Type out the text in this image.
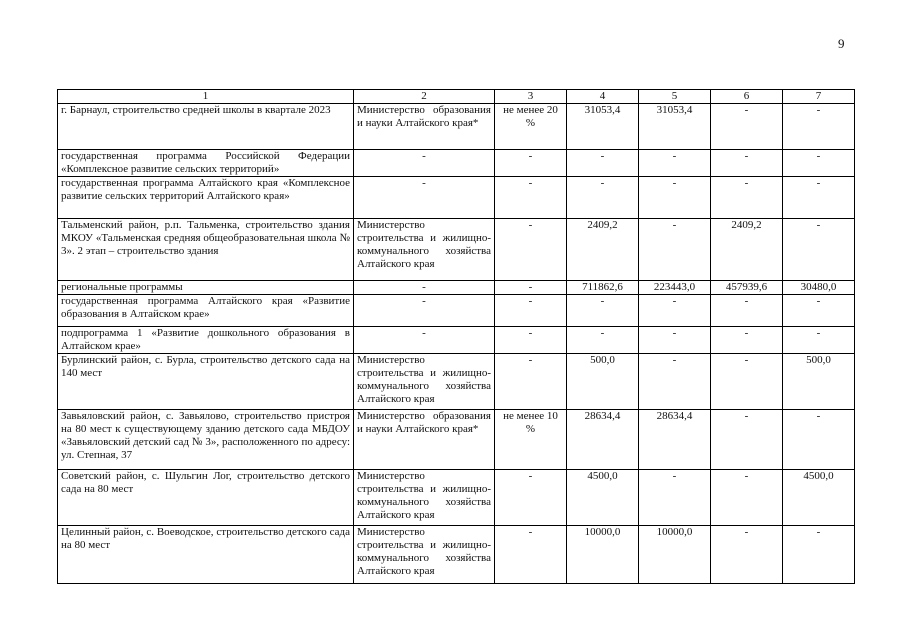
9
1	2	3	4	5	6	7
г. Барнаул, строительство средней школы в квартале 2023	Министерство образования и науки Алтайского края*	не менее 20 %	31053,4	31053,4	-	-
государственная программа Российской Федерации «Комплексное развитие сельских территорий»	-	-	-	-	-	-
государственная программа Алтайского края «Комплексное развитие сельских территорий Алтайского края»	-	-	-	-	-	-
Тальменский район, р.п. Тальменка, строительство здания МКОУ «Тальменская средняя общеобразовательная школа № 3». 2 этап – строительство здания	Министерство строительства и жилищно-коммунального хозяйства Алтайского края	-	2409,2	-	2409,2	-
региональные программы	-	-	711862,6	223443,0	457939,6	30480,0
государственная программа Алтайского края «Развитие образования в Алтайском крае»	-	-	-	-	-	-
подпрограмма 1 «Развитие дошкольного образования в Алтайском крае»	-	-	-	-	-	-
Бурлинский район, с. Бурла, строительство детского сада на 140 мест	Министерство строительства и жилищно-коммунального хозяйства Алтайского края	-	500,0	-	-	500,0
Завьяловский район, с. Завьялово, строительство пристроя на 80 мест к существующему зданию детского сада МБДОУ «Завьяловский детский сад № 3», расположенного по адресу: ул. Степная, 37	Министерство образования и науки Алтайского края*	не менее 10 %	28634,4	28634,4	-	-
Советский район, с. Шульгин Лог, строительство детского сада на 80 мест	Министерство строительства и жилищно-коммунального хозяйства Алтайского края	-	4500,0	-	-	4500,0
Целинный район, с. Воеводское, строительство детского сада на 80 мест	Министерство строительства и жилищно-коммунального хозяйства Алтайского края	-	10000,0	10000,0	-	-
